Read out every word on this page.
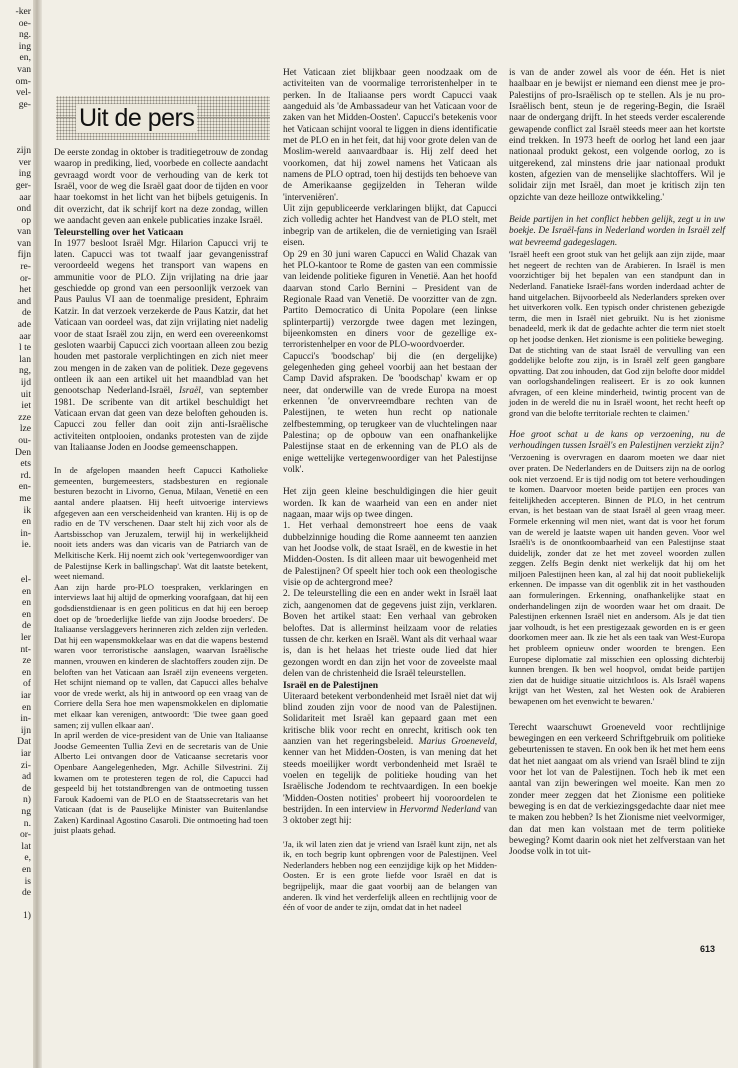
‑ker
oe-
ng.
ing
en,
van
om-
vel-
ge-

zijn
ver
ing
ger-
aar
ond
op
van
van
fijn
re-
or-
het
and
de
ade
aar
l te
lan
ng,
ijd
uit
iet
zze
lze
ou-
Den
ets
rd.
en-
me
ik
en
in-
ie.

el-
en
en
en
de
ler
nt-
ze
en
of
iar
en
in-
ijn
Dat
iar
zi-
ad
de
n)
ng
n.
or-
lat
e,
en
is
de

1)
Uit de pers

De eerste zondag in oktober is traditiegetrouw de zondag waarop in prediking, lied, voorbede en collecte aandacht gevraagd wordt voor de verhouding van de kerk tot Israël, voor de weg die Israël gaat door de tijden en voor haar toekomst in het licht van het bijbels getuigenis. In dit overzicht, dat ik schrijf kort na deze zondag, willen we aandacht geven aan enkele publicaties inzake Israël.

Teleurstelling over het Vaticaan

In 1977 besloot Israël Mgr. Hilarion Capucci vrij te laten. Capucci was tot twaalf jaar gevangenisstraf veroordeeld wegens het transport van wapens en ammunitie voor de PLO. Zijn vrijlating na drie jaar geschiedde op grond van een persoonlijk verzoek van Paus Paulus VI aan de toenmalige president, Ephraim Katzir. In dat verzoek verzekerde de Paus Katzir, dat het Vaticaan van oordeel was, dat zijn vrijlating niet nadelig voor de staat Israël zou zijn, en werd een overeenkomst gesloten waarbij Capucci zich voortaan alleen zou bezig houden met pastorale verplichtingen en zich niet meer zou mengen in de zaken van de politiek. Deze gegevens ontleen ik aan een artikel uit het maandblad van het genootschap Nederland-Israël, Israël, van september 1981. De scribente van dit artikel beschuldigt het Vaticaan ervan dat geen van deze beloften gehouden is. Capucci zou feller dan ooit zijn anti-Israëlische activiteiten ontplooien, ondanks protesten van de zijde van Italiaanse Joden en Joodse gemeenschappen.

In de afgelopen maanden heeft Capucci Katholieke gemeenten, burgemeesters, stadsbesturen en regionale besturen bezocht in Livorno, Genua, Milaan, Venetië en een aantal andere plaatsen. Hij heeft uitvoerige interviews afgegeven aan een verscheidenheid van kranten. Hij is op de radio en de TV verschenen. Daar stelt hij zich voor als de Aartsbisschop van Jeruzalem, terwijl hij in werkelijkheid nooit iets anders was dan vicaris van de Patriarch van de Melkitische Kerk. Hij noemt zich ook 'vertegenwoordiger van de Palestijnse Kerk in ballingschap'. Wat dit laatste betekent, weet niemand.

Aan zijn harde pro-PLO toespraken, verklaringen en interviews laat hij altijd de opmerking voorafgaan, dat hij een godsdienstdienaar is en geen politicus en dat hij een beroep doet op de 'broederlijke liefde van zijn Joodse broeders'. De Italiaanse verslaggevers herinneren zich zelden zijn verleden. Dat hij een wapensmokkelaar was en dat die wapens bestemd waren voor terroristische aanslagen, waarvan Israëlische mannen, vrouwen en kinderen de slachtoffers zouden zijn. De beloften van het Vaticaan aan Israël zijn eveneens vergeten. Het schijnt niemand op te vallen, dat Capucci alles behalve voor de vrede werkt, als hij in antwoord op een vraag van de Corriere della Sera hoe men wapensmokkelen en diplomatie met elkaar kan verenigen, antwoordt: 'Die twee gaan goed samen; zij vullen elkaar aan'.

In april werden de vice-president van de Unie van Italiaanse Joodse Gemeenten Tullia Zevi en de secretaris van de Unie Alberto Lei ontvangen door de Vaticaanse secretaris voor Openbare Aangelegenheden, Mgr. Achille Silvestrini. Zij kwamen om te protesteren tegen de rol, die Capucci had gespeeld bij het totstandbrengen van de ontmoeting tussen Farouk Kadoemi van de PLO en de Staatssecretaris van het Vaticaan (dat is de Pauselijke Minister van Buitenlandse Zaken) Kardinaal Agostino Casaroli. Die ontmoeting had toen juist plaats gehad.

Het Vaticaan ziet blijkbaar geen noodzaak om de activiteiten van de voormalige terroristenhelper in te perken. In de Italiaanse pers wordt Capucci vaak aangeduid als 'de Ambassadeur van het Vaticaan voor de zaken van het Midden-Oosten'. Capucci's betekenis voor het Vaticaan schijnt vooral te liggen in diens identificatie met de PLO en in het feit, dat hij voor grote delen van de Moslim-wereld aanvaardbaar is. Hij zelf deed het voorkomen, dat hij zowel namens het Vaticaan als namens de PLO optrad, toen hij destijds ten behoeve van de Amerikaanse gegijzelden in Teheran wilde 'interveniëren'.

Uit zijn gepubliceerde verklaringen blijkt, dat Capucci zich volledig achter het Handvest van de PLO stelt, met inbegrip van de artikelen, die de vernietiging van Israël eisen.

Op 29 en 30 juni waren Capucci en Walid Chazak van het PLO-kantoor te Rome de gasten van een commissie van leidende politieke figuren in Venetië. Aan het hoofd daarvan stond Carlo Bernini – President van de Regionale Raad van Venetië. De voorzitter van de zgn. Partito Democratico di Unita Popolare (een linkse splinterpartij) verzorgde twee dagen met lezingen, bijeenkomsten en diners voor de gezellige ex-terroristenhelper en voor de PLO-woordvoerder.

Capucci's 'boodschap' bij die (en dergelijke) gelegenheden ging geheel voorbij aan het bestaan der Camp David afspraken. De 'boodschap' kwam er op neer, dat onderwille van de vrede Europa na moest erkennen 'de onvervreemdbare rechten van de Palestijnen, te weten hun recht op nationale zelfbestemming, op terugkeer van de vluchtelingen naar Palestina; op de opbouw van een onafhankelijke Palestijnse staat en de erkenning van de PLO als de enige wettelijke vertegenwoordiger van het Palestijnse volk'.

Het zijn geen kleine beschuldigingen die hier geuit worden. Ik kan de waarheid van een en ander niet nagaan, maar wijs op twee dingen.

1. Het verhaal demonstreert hoe eens de vaak dubbelzinnige houding die Rome aanneemt ten aanzien van het Joodse volk, de staat Israël, en de kwestie in het Midden-Oosten. Is dit alleen maar uit bewogenheid met de Palestijnen? Of speelt hier toch ook een theologische visie op de achtergrond mee?

2. De teleurstelling die een en ander wekt in Israël laat zich, aangenomen dat de gegevens juist zijn, verklaren. Boven het artikel staat: Een verhaal van gebroken beloftes. Dat is allerminst heilzaam voor de relaties tussen de chr. kerken en Israël. Want als dit verhaal waar is, dan is het helaas het trieste oude lied dat hier gezongen wordt en dan zijn het voor de zoveelste maal delen van de christenheid die Israël teleurstellen.

Israël en de Palestijnen

Uiteraard betekent verbondenheid met Israël niet dat wij blind zouden zijn voor de nood van de Palestijnen. Solidariteit met Israël kan gepaard gaan met een kritische blik voor recht en onrecht, kritisch ook ten aanzien van het regeringsbeleid. Marius Groeneveld, kenner van het Midden-Oosten, is van mening dat het steeds moeilijker wordt verbondenheid met Israël te voelen en tegelijk de politieke houding van het Israëlische Jodendom te rechtvaardigen. In een boekje 'Midden-Oosten notities' probeert hij vooroordelen te bestrijden. In een interview in Hervormd Nederland van 3 oktober zegt hij:

'Ja, ik wil laten zien dat je vriend van Israël kunt zijn, net als ik, en toch begrip kunt opbrengen voor de Palestijnen. Veel Nederlanders hebben nog een eenzijdige kijk op het Midden-Oosten. Er is een grote liefde voor Israël en dat is begrijpelijk, maar die gaat voorbij aan de belangen van anderen. Ik vind het verderfelijk alleen en rechtlijnig voor de één of voor de ander te zijn, omdat dat in het nadeel

is van de ander zowel als voor de één. Het is niet haalbaar en je bewijst er niemand een dienst mee je pro-Palestijns of pro-Israëlisch op te stellen. Als je nu pro-Israëlisch bent, steun je de regering-Begin, die Israël naar de ondergang drijft. In het steeds verder escalerende gewapende conflict zal Israël steeds meer aan het kortste eind trekken. In 1973 heeft de oorlog het land een jaar nationaal produkt gekost, een volgende oorlog, zo is uitgerekend, zal minstens drie jaar nationaal produkt kosten, afgezien van de menselijke slachtoffers. Wil je solidair zijn met Israël, dan moet je kritisch zijn ten opzichte van deze heilloze ontwikkeling.'

Beide partijen in het conflict hebben gelijk, zegt u in uw boekje. De Israël-fans in Nederland worden in Israël zelf wat bevreemd gadegeslagen.

'Israël heeft een groot stuk van het gelijk aan zijn zijde, maar het negeert de rechten van de Arabieren. In Israël is men voorzichtiger bij het bepalen van een standpunt dan in Nederland. Fanatieke Israël-fans worden inderdaad achter de hand uitgelachen. Bijvoorbeeld als Nederlanders spreken over het uitverkoren volk. Een typisch onder christenen gebezigde term, die men in Israël niet gebruikt. Nu is het zionisme benadeeld, merk ik dat de gedachte achter die term niet stoelt op het joodse denken. Het zionisme is een politieke beweging.

Dat de stichting van de staat Israël de vervulling van een goddelijke belofte zou zijn, is in Israël zelf geen gangbare opvatting. Dat zou inhouden, dat God zijn belofte door middel van oorlogshandelingen realiseert. Er is zo ook kunnen afvragen, of een kleine minderheid, twintig procent van de joden in de wereld die nu in Israël woont, het recht heeft op grond van die belofte territoriale rechten te claimen.'

Hoe groot schat u de kans op verzoening, nu de verhoudingen tussen Israël's en Palestijnen verziekt zijn?

'Verzoening is overvragen en daarom moeten we daar niet over praten. De Nederlanders en de Duitsers zijn na de oorlog ook niet verzoend. Er is tijd nodig om tot betere verhoudingen te komen. Daarvoor moeten beide partijen een proces van feitelijkheden accepteren. Binnen de PLO, in het centrum ervan, is het bestaan van de staat Israël al geen vraag meer. Formele erkenning wil men niet, want dat is voor het forum van de wereld je laatste wapen uit handen geven. Voor wel Israëli's is de onontkoombaarheid van een Palestijnse staat duidelijk, zonder dat ze het met zoveel woorden zullen zeggen. Zelfs Begin denkt niet werkelijk dat hij om het miljoen Palestijnen heen kan, al zal hij dat nooit publiekelijk erkennen. De impasse van dit ogenblik zit in het vasthouden aan formuleringen. Erkenning, onafhankelijke staat en onderhandelingen zijn de woorden waar het om draait. De Palestijnen erkennen Israël niet en andersom. Als je dat tien jaar volhoudt, is het een prestigezaak geworden en is er geen doorkomen meer aan. Ik zie het als een taak van West-Europa het probleem opnieuw onder woorden te brengen. Een Europese diplomatie zal misschien een oplossing dichterbij kunnen brengen. Ik ben wel hoopvol, omdat beide partijen zien dat de huidige situatie uitzichtloos is. Als Israël wapens krijgt van het Westen, zal het Westen ook de Arabieren bewapenen om het evenwicht te bewaren.'

Terecht waarschuwt Groeneveld voor rechtlijnige bewegingen en een verkeerd Schriftgebruik om politieke gebeurtenissen te staven. En ook ben ik het met hem eens dat het niet aangaat om als vriend van Israël blind te zijn voor het lot van de Palestijnen. Toch heb ik met een aantal van zijn beweringen wel moeite. Kan men zo zonder meer zeggen dat het Zionisme een politieke beweging is en dat de verkiezingsgedachte daar niet mee te maken zou hebben? Is het Zionisme niet veelvormiger, dan dat men kan volstaan met de term politieke beweging? Komt daarin ook niet het zelfverstaan van het Joodse volk in tot uit-

613
